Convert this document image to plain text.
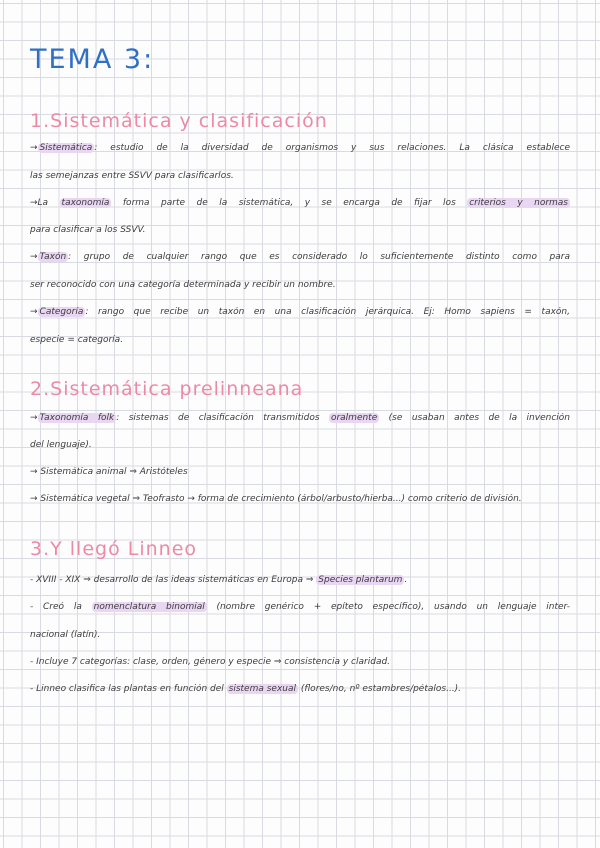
TEMA 3:
1.Sistemática y clasificación
→ Sistemática : estudio de la diversidad de organismos y sus relaciones. La clásica establece
las semejanzas entre SSVV para clasificarlos.
→La taxonomía forma parte de la sistemática, y se encarga de fijar los criterios y normas
para clasificar a los SSVV.
→ Taxón : grupo de cualquier rango que es considerado lo suficientemente distinto como para
ser reconocido con una categoría determinada y recibir un nombre.
→ Categoría : rango que recibe un taxón en una clasificación jerárquica. Ej: Homo sapiens = taxón,
especie = categoría.
2.Sistemática prelinneana
→ Taxonomía folk : sistemas de clasificación transmitidos oralmente (se usaban antes de la invención
del lenguaje).
→ Sistemática animal ⇒ Aristóteles
→ Sistemática vegetal ⇒ Teofrasto → forma de crecimiento (árbol/arbusto/hierba...) como criterio de división.
3.Y llegó Linneo
- XVIII - XIX ⇒ desarrollo de las ideas sistemáticas en Europa ⇒ Species plantarum .
- Creó la nomenclatura binomial (nombre genérico + epíteto específico), usando un lenguaje inter-
nacional (latín).
- Incluye 7 categorías: clase, orden, género y especie ⇒ consistencia y claridad.
- Linneo clasifica las plantas en función del sistema sexual (flores/no, nº estambres/pétalos...).
